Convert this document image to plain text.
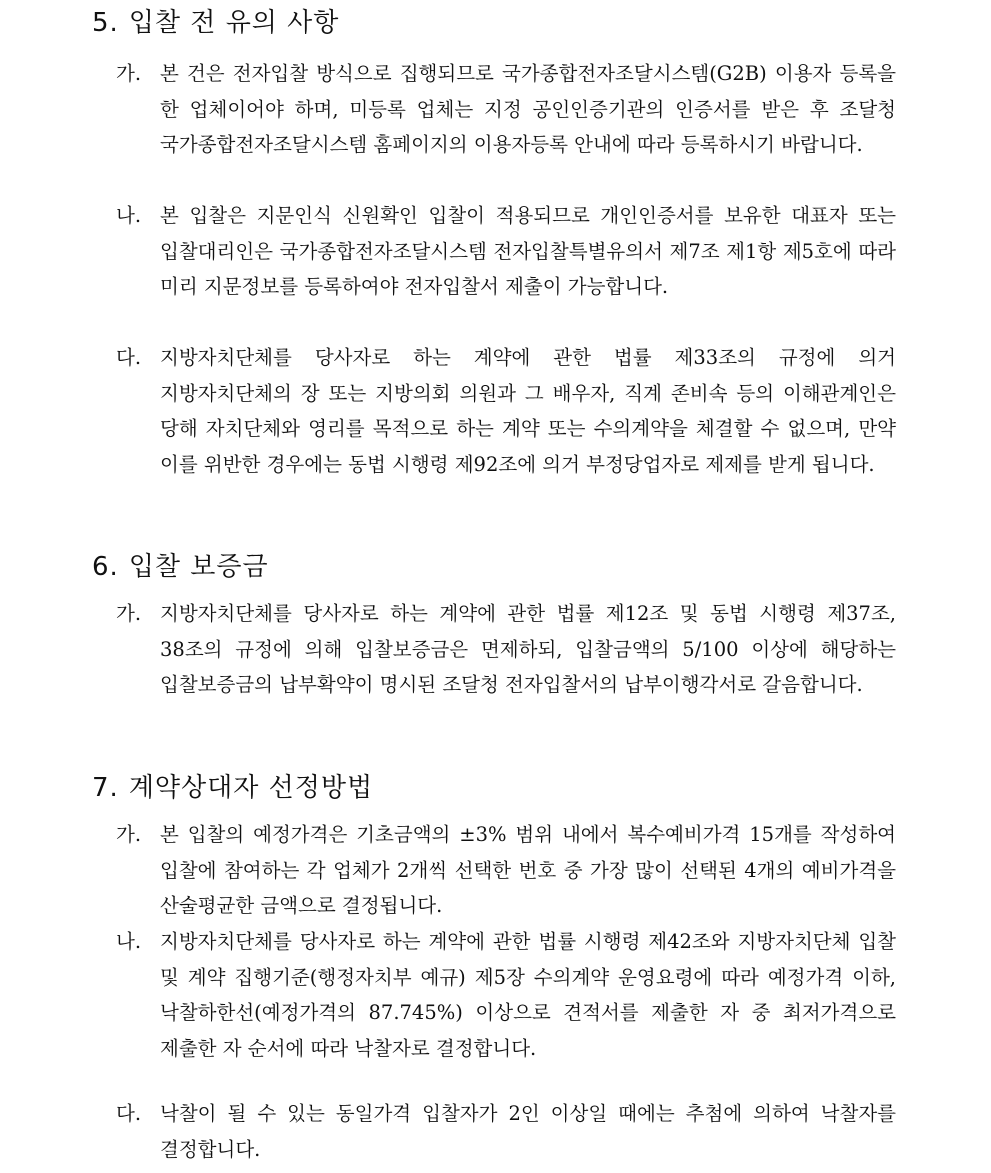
5. 입찰 전 유의 사항
가. 본 건은 전자입찰 방식으로 집행되므로 국가종합전자조달시스템(G2B) 이용자 등록을 한 업체이어야 하며, 미등록 업체는 지정 공인인증기관의 인증서를 받은 후 조달청 국가종합전자조달시스템 홈페이지의 이용자등록 안내에 따라 등록하시기 바랍니다.
나. 본 입찰은 지문인식 신원확인 입찰이 적용되므로 개인인증서를 보유한 대표자 또는 입찰대리인은 국가종합전자조달시스템 전자입찰특별유의서 제7조 제1항 제5호에 따라 미리 지문정보를 등록하여야 전자입찰서 제출이 가능합니다.
다. 지방자치단체를 당사자로 하는 계약에 관한 법률 제33조의 규정에 의거 지방자치단체의 장 또는 지방의회 의원과 그 배우자, 직계 존비속 등의 이해관계인은 당해 자치단체와 영리를 목적으로 하는 계약 또는 수의계약을 체결할 수 없으며, 만약 이를 위반한 경우에는 동법 시행령 제92조에 의거 부정당업자로 제제를 받게 됩니다.
6. 입찰 보증금
가. 지방자치단체를 당사자로 하는 계약에 관한 법률 제12조 및 동법 시행령 제37조, 38조의 규정에 의해 입찰보증금은 면제하되, 입찰금액의 5/100 이상에 해당하는 입찰보증금의 납부확약이 명시된 조달청 전자입찰서의 납부이행각서로 갈음합니다.
7. 계약상대자 선정방법
가. 본 입찰의 예정가격은 기초금액의 ±3% 범위 내에서 복수예비가격 15개를 작성하여 입찰에 참여하는 각 업체가 2개씩 선택한 번호 중 가장 많이 선택된 4개의 예비가격을 산술평균한 금액으로 결정됩니다.
나. 지방자치단체를 당사자로 하는 계약에 관한 법률 시행령 제42조와 지방자치단체 입찰 및 계약 집행기준(행정자치부 예규) 제5장 수의계약 운영요령에 따라 예정가격 이하, 낙찰하한선(예정가격의 87.745%) 이상으로 견적서를 제출한 자 중 최저가격으로 제출한 자 순서에 따라 낙찰자로 결정합니다.
다. 낙찰이 될 수 있는 동일가격 입찰자가 2인 이상일 때에는 추첨에 의하여 낙찰자를 결정합니다.
